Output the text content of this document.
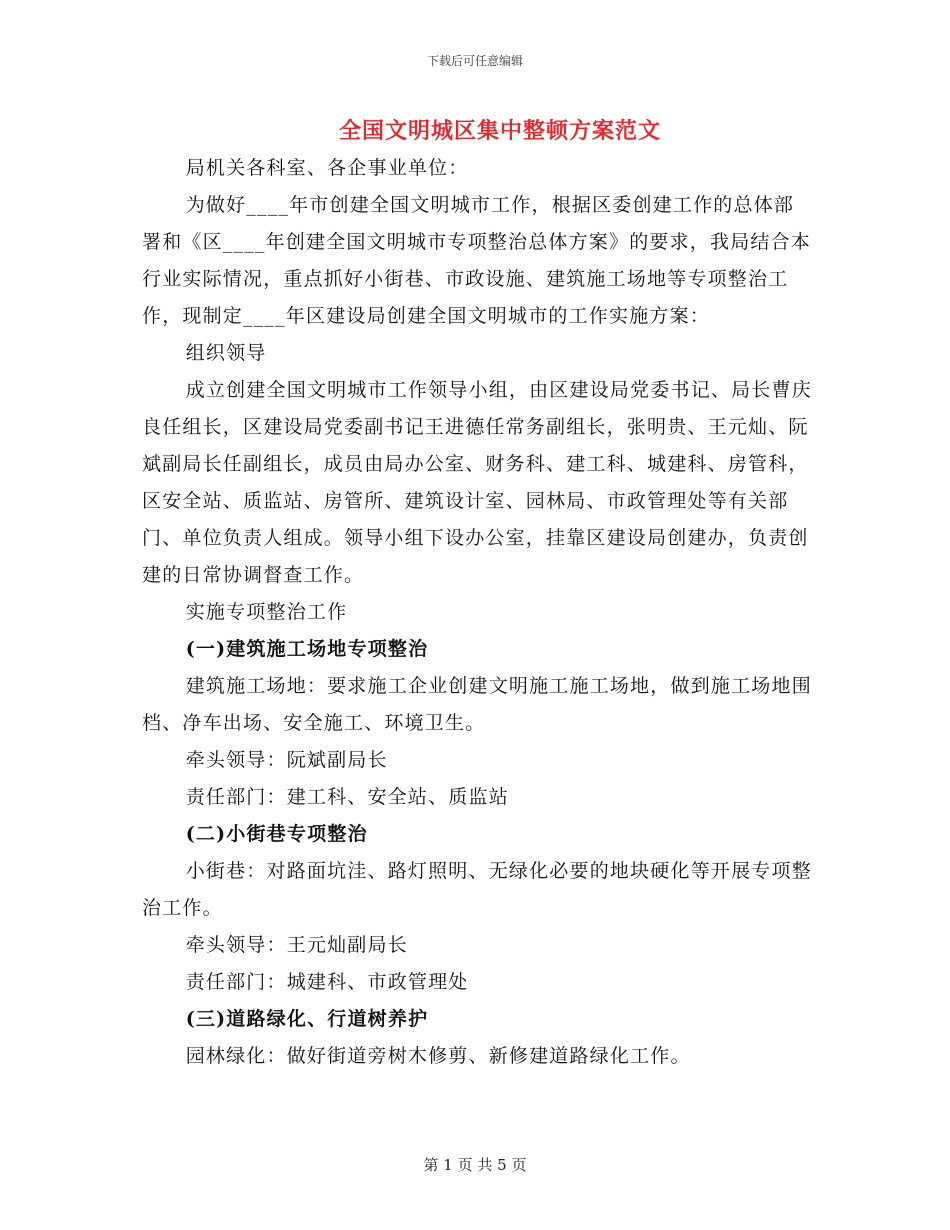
下载后可任意编辑
全国文明城区集中整顿方案范文

局机关各科室、各企事业单位：

为做好____年市创建全国文明城市工作，根据区委创建工作的总体部署和《区____年创建全国文明城市专项整治总体方案》的要求，我局结合本行业实际情况，重点抓好小街巷、市政设施、建筑施工场地等专项整治工作，现制定____年区建设局创建全国文明城市的工作实施方案：

组织领导

成立创建全国文明城市工作领导小组，由区建设局党委书记、局长曹庆良任组长，区建设局党委副书记王进德任常务副组长，张明贵、王元灿、阮斌副局长任副组长，成员由局办公室、财务科、建工科、城建科、房管科，区安全站、质监站、房管所、建筑设计室、园林局、市政管理处等有关部门、单位负责人组成。领导小组下设办公室，挂靠区建设局创建办，负责创建的日常协调督查工作。

实施专项整治工作

(一)建筑施工场地专项整治

建筑施工场地：要求施工企业创建文明施工施工场地，做到施工场地围档、净车出场、安全施工、环境卫生。

牵头领导：阮斌副局长

责任部门：建工科、安全站、质监站

(二)小街巷专项整治

小街巷：对路面坑洼、路灯照明、无绿化必要的地块硬化等开展专项整治工作。

牵头领导：王元灿副局长

责任部门：城建科、市政管理处

(三)道路绿化、行道树养护

园林绿化：做好街道旁树木修剪、新修建道路绿化工作。

第 1 页 共 5 页
